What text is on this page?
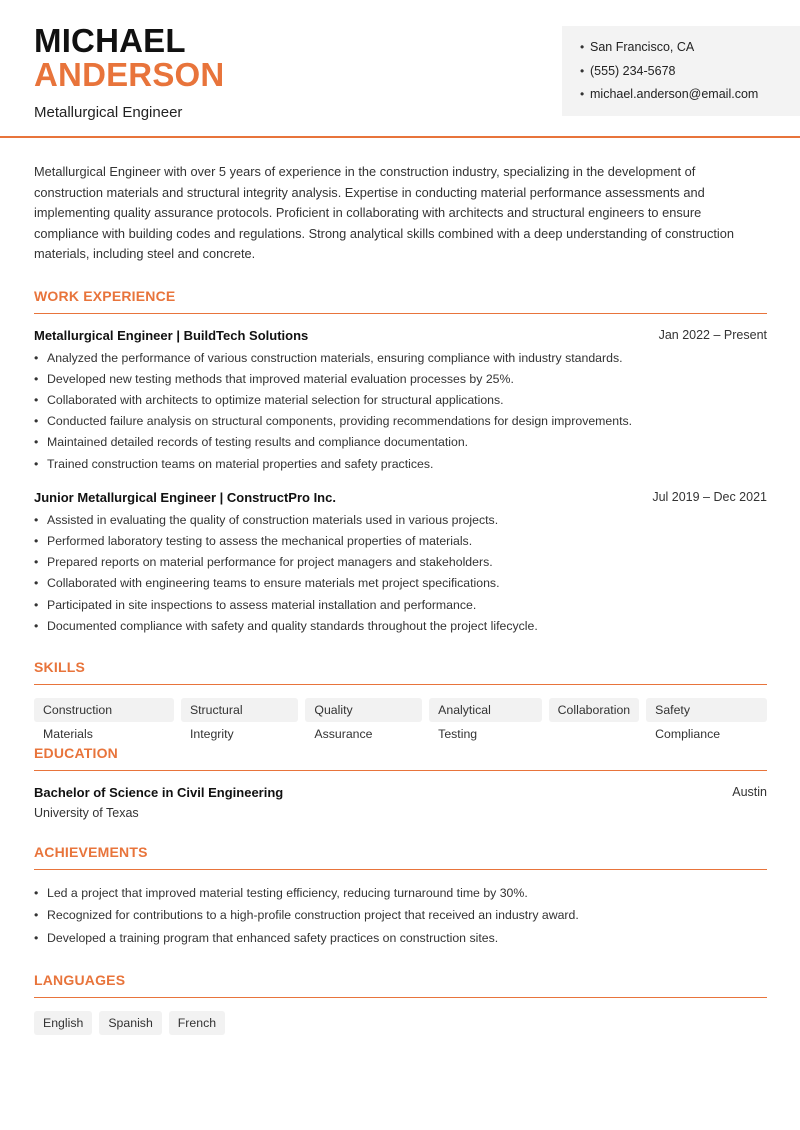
MICHAEL
ANDERSON
Metallurgical Engineer
• San Francisco, CA
• (555) 234-5678
• michael.anderson@email.com

Metallurgical Engineer with over 5 years of experience in the construction industry, specializing in the development of construction materials and structural integrity analysis. Expertise in conducting material performance assessments and implementing quality assurance protocols. Proficient in collaborating with architects and structural engineers to ensure compliance with building codes and regulations. Strong analytical skills combined with a deep understanding of construction materials, including steel and concrete.

WORK EXPERIENCE
Metallurgical Engineer | BuildTech Solutions	Jan 2022 – Present
• Analyzed the performance of various construction materials, ensuring compliance with industry standards.
• Developed new testing methods that improved material evaluation processes by 25%.
• Collaborated with architects to optimize material selection for structural applications.
• Conducted failure analysis on structural components, providing recommendations for design improvements.
• Maintained detailed records of testing results and compliance documentation.
• Trained construction teams on material properties and safety practices.
Junior Metallurgical Engineer | ConstructPro Inc.	Jul 2019 – Dec 2021
• Assisted in evaluating the quality of construction materials used in various projects.
• Performed laboratory testing to assess the mechanical properties of materials.
• Prepared reports on material performance for project managers and stakeholders.
• Collaborated with engineering teams to ensure materials met project specifications.
• Participated in site inspections to assess material installation and performance.
• Documented compliance with safety and quality standards throughout the project lifecycle.
SKILLS
Construction Materials
Structural Integrity
Quality Assurance
Analytical Testing
Collaboration	Safety Compliance
EDUCATION
Bachelor of Science in Civil Engineering	Austin
University of Texas
ACHIEVEMENTS
• Led a project that improved material testing efficiency, reducing turnaround time by 30%.
• Recognized for contributions to a high-profile construction project that received an industry award.
• Developed a training program that enhanced safety practices on construction sites.
LANGUAGES
English	Spanish	French
